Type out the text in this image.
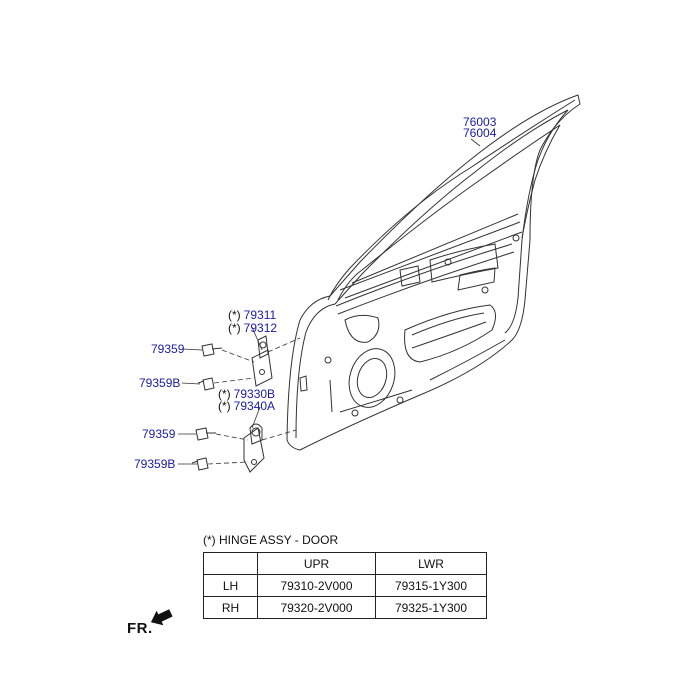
76003
76004
(*) 79311
(*) 79312
79359
79359B
(*) 79330B
(*) 79340A
79359
79359B
(*) HINGE ASSY - DOOR
	UPR	LWR
LH	79310-2V000	79315-1Y300
RH	79320-2V000	79325-1Y300
FR.
